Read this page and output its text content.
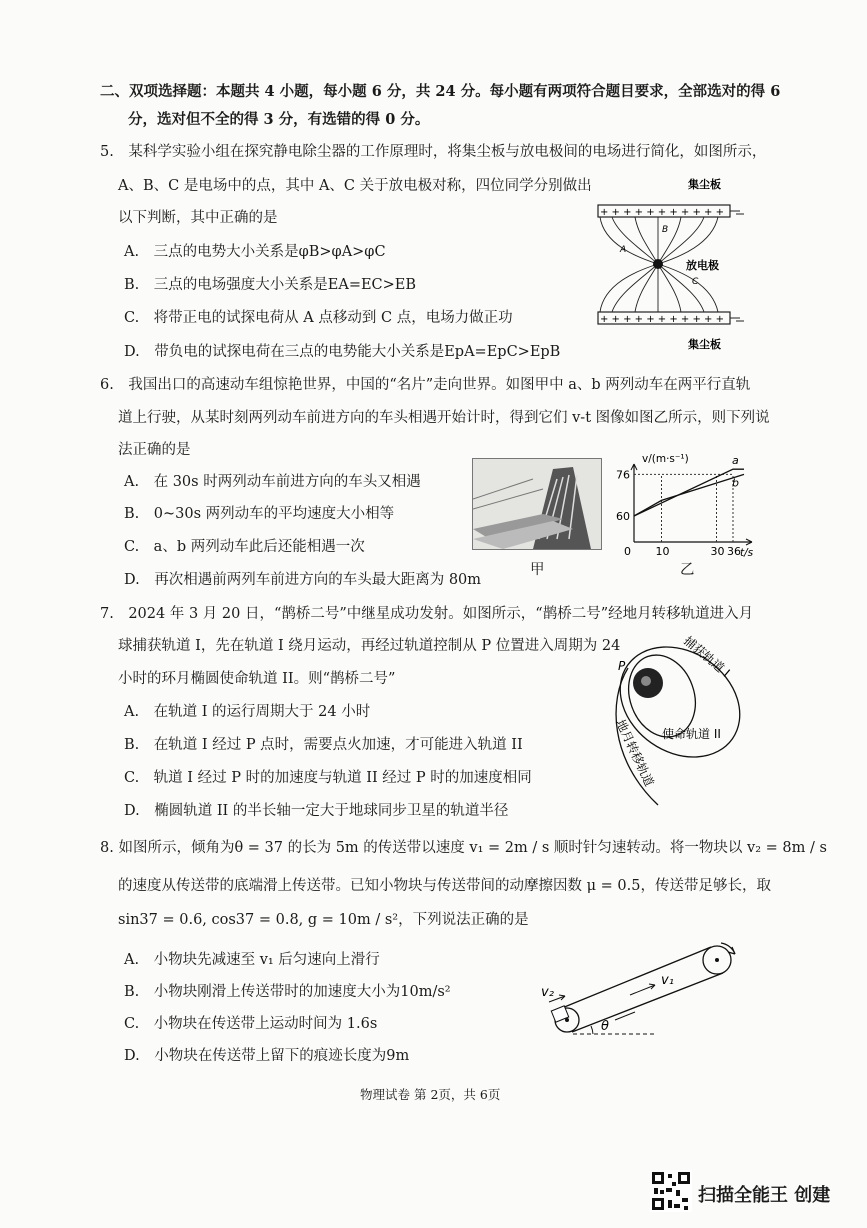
二、双项选择题：本题共 4 小题，每小题 6 分，共 24 分。每小题有两项符合题目要求，全部选对的得 6
分，选对但不全的得 3 分，有选错的得 0 分。
5.　某科学实验小组在探究静电除尘器的工作原理时，将集尘板与放电极间的电场进行简化，如图所示，
A、B、C 是电场中的点，其中 A、C 关于放电极对称，四位同学分别做出
以下判断，其中正确的是
A.　三点的电势大小关系是φB>φA>φC
B.　三点的电场强度大小关系是EA=EC>EB
C.　将带正电的试探电荷从 A 点移动到 C 点，电场力做正功
D.　带负电的试探电荷在三点的电势能大小关系是EpA=EpC>EpB
集尘板
+ + + + + + + + + + +
+ + + + + + + + + + +
放电极
B
A
C
集尘板
6.　我国出口的高速动车组惊艳世界，中国的“名片”走向世界。如图甲中 a、b 两列动车在两平行直轨
道上行驶，从某时刻两列动车前进方向的车头相遇开始计时，得到它们 v-t 图像如图乙所示，则下列说
法正确的是
A.　在 30s 时两列动车前进方向的车头又相遇
B.　0~30s 两列动车的平均速度大小相等
C.　a、b 两列动车此后还能相遇一次
D.　再次相遇前两列车前进方向的车头最大距离为 80m
甲
v/(m·s⁻¹)
t/s
a
b
0 10	30 36
60
76
乙
7.　2024 年 3 月 20 日，“鹊桥二号”中继星成功发射。如图所示，“鹊桥二号”经地月转移轨道进入月
球捕获轨道 I，先在轨道 I 绕月运动，再经过轨道控制从 P 位置进入周期为 24
小时的环月椭圆使命轨道 II。则“鹊桥二号”
A.　在轨道 I 的运行周期大于 24 小时
B.　在轨道 I 经过 P 点时，需要点火加速，才可能进入轨道 II
C.　轨道 I 经过 P 时的加速度与轨道 II 经过 P 时的加速度相同
D.　椭圆轨道 II 的半长轴一定大于地球同步卫星的轨道半径
P	捕获轨道 I
使命轨道 II
地月转移轨道
8. 如图所示，倾角为θ = 37 的长为 5m 的传送带以速度 v₁ = 2m / s 顺时针匀速转动。将一物块以 v₂ = 8m / s
的速度从传送带的底端滑上传送带。已知小物块与传送带间的动摩擦因数 μ = 0.5，传送带足够长，取
sin37 = 0.6, cos37 = 0.8, g = 10m / s²，下列说法正确的是
A.　小物块先减速至 v₁ 后匀速向上滑行
B.　小物块刚滑上传送带时的加速度大小为10m/s²
C.　小物块在传送带上运动时间为 1.6s
D.　小物块在传送带上留下的痕迹长度为9m
v₁
v₂
θ
物理试卷 第 2页，共 6页
扫描全能王 创建
